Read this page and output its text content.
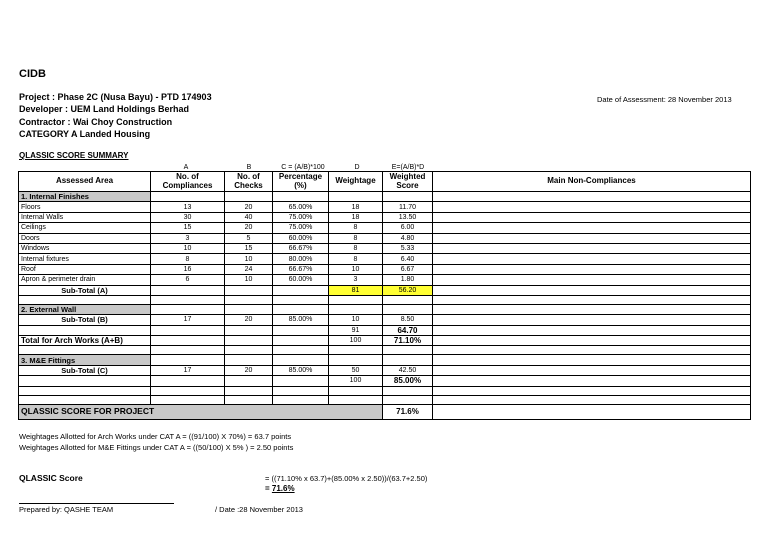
CIDB
Project : Phase 2C (Nusa Bayu) - PTD 174903
Developer : UEM Land Holdings Berhad
Contractor : Wai Choy Construction
CATEGORY A Landed Housing
Date of Assessment: 28 November 2013
QLASSIC SCORE SUMMARY
A	B	C = (A/B)*100	D	E=(A/B)*D
Assessed Area	No. of Compliances	No. of Checks	Percentage (%)	Weightage	Weighted Score	Main Non-Compliances
1. Internal Finishes						
Floors	13	20	65.00%	18	11.70	
Internal Walls	30	40	75.00%	18	13.50	
Ceilings	15	20	75.00%	8	6.00	
Doors	3	5	60.00%	8	4.80	
Windows	10	15	66.67%	8	5.33	
Internal fixtures	8	10	80.00%	8	6.40	
Roof	16	24	66.67%	10	6.67	
Apron & perimeter drain	6	10	60.00%	3	1.80	
Sub-Total (A)				81	56.20	

2. External Wall						
Sub-Total (B)	17	20	85.00%	10	8.50	
				91	64.70	
Total for Arch Works (A+B)				100	71.10%	

3. M&E Fittings						
Sub-Total (C)	17	20	85.00%	50	42.50	
				100	85.00%	

QLASSIC SCORE FOR PROJECT					71.6%	
Weightages Allotted for Arch Works under CAT A = ((91/100) X 70%) = 63.7 points
Weightages Allotted for M&E Fittings under CAT A = ((50/100) X 5% ) = 2.50 points
QLASSIC Score	= ((71.10% x 63.7)+(85.00% x 2.50))/(63.7+2.50)
= 71.6%
Prepared by: QASHE TEAM	/ Date :28 November 2013
